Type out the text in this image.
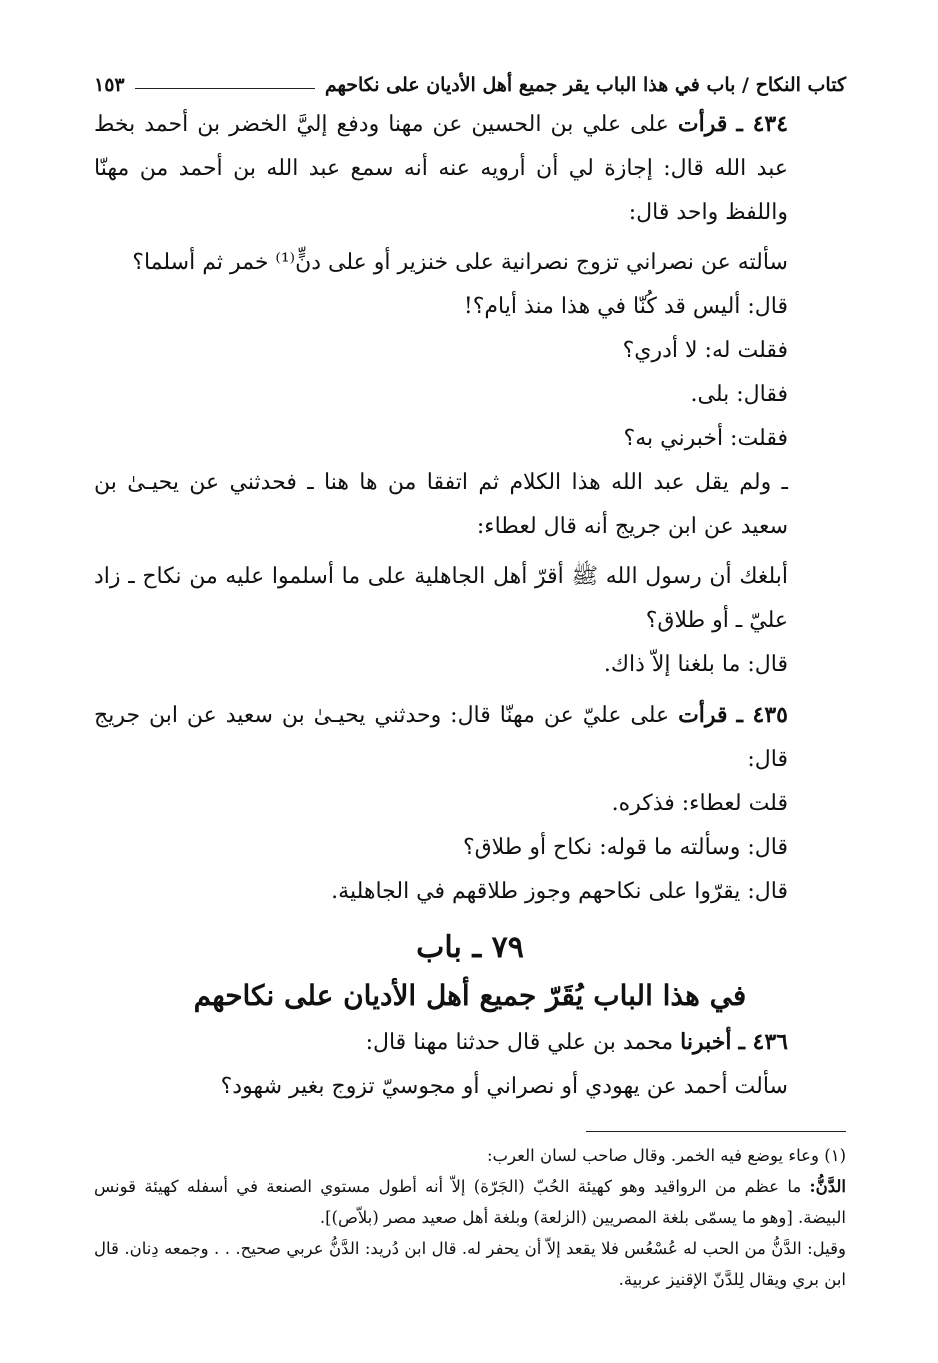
كتاب النكاح / باب في هذا الباب يقر جميع أهل الأديان على نكاحهم
١٥٣

٤٣٤ ـ قرأت على علي بن الحسين عن مهنا ودفع إليَّ الخضر بن أحمد بخط عبد الله قال: إجازة لي أن أرويه عنه أنه سمع عبد الله بن أحمد من مهنّا واللفظ واحد قال:

سألته عن نصراني تزوج نصرانية على خنزير أو على دنٍّ⁽¹⁾ خمر ثم أسلما؟

قال: أليس قد كُنّا في هذا منذ أيام؟!

فقلت له: لا أدري؟

فقال: بلى.

فقلت: أخبرني به؟

ـ ولم يقل عبد الله هذا الكلام ثم اتفقا من ها هنا ـ فحدثني عن يحيـىٰ بن سعيد عن ابن جريج أنه قال لعطاء:

أبلغك أن رسول الله ﷺ أقرّ أهل الجاهلية على ما أسلموا عليه من نكاح ـ زاد عليّ ـ أو طلاق؟

قال: ما بلغنا إلاّ ذاك.

٤٣٥ ـ قرأت على عليّ عن مهنّا قال: وحدثني يحيـىٰ بن سعيد عن ابن جريج قال:

قلت لعطاء: فذكره.

قال: وسألته ما قوله: نكاح أو طلاق؟

قال: يقرّوا على نكاحهم وجوز طلاقهم في الجاهلية.

٧٩ ـ باب
في هذا الباب يُقَرّ جميع أهل الأديان على نكاحهم

٤٣٦ ـ أخبرنا محمد بن علي قال حدثنا مهنا قال:

سألت أحمد عن يهودي أو نصراني أو مجوسيّ تزوج بغير شهود؟

(١) وعاء يوضع فيه الخمر. وقال صاحب لسان العرب:

الدَّنُّ: ما عظم من الرواقيد وهو كهيئة الحُبّ (الجَرّة) إلاّ أنه أطول مستوي الصنعة في أسفله كهيئة قونس البيضة. [وهو ما يسمّى بلغة المصريين (الزلعة) وبلغة أهل صعيد مصر (بلاّص)].

وقيل: الدَّنُّ من الحب له عُسْعُس فلا يقعد إلاّ أن يحفر له. قال ابن دُريد: الدَّنُّ عربي صحيح. . . وجمعه دِنان. قال ابن بري ويقال لِلدَّنّ الإقنيز عربية.
